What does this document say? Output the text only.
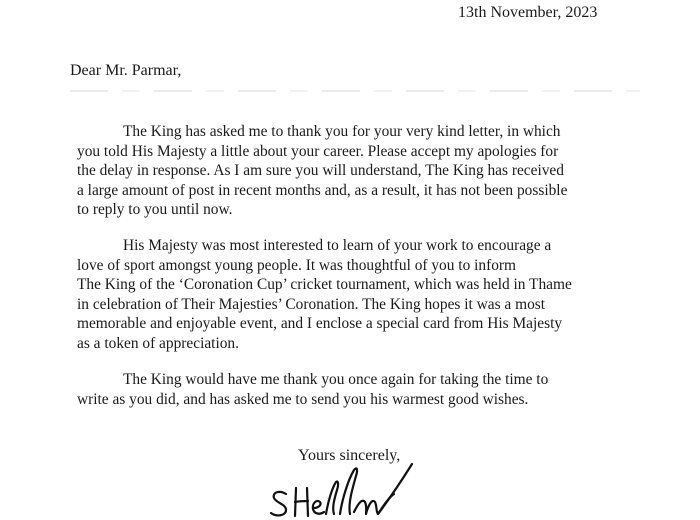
13th November, 2023
Dear Mr. Parmar,

The King has asked me to thank you for your very kind letter, in which
you told His Majesty a little about your career. Please accept my apologies for
the delay in response. As I am sure you will understand, The King has received
a large amount of post in recent months and, as a result, it has not been possible
to reply to you until now.

His Majesty was most interested to learn of your work to encourage a
love of sport amongst young people. It was thoughtful of you to inform
The King of the ‘Coronation Cup’ cricket tournament, which was held in Thame
in celebration of Their Majesties’ Coronation. The King hopes it was a most
memorable and enjoyable event, and I enclose a special card from His Majesty
as a token of appreciation.

The King would have me thank you once again for taking the time to
write as you did, and has asked me to send you his warmest good wishes.

Yours sincerely,
